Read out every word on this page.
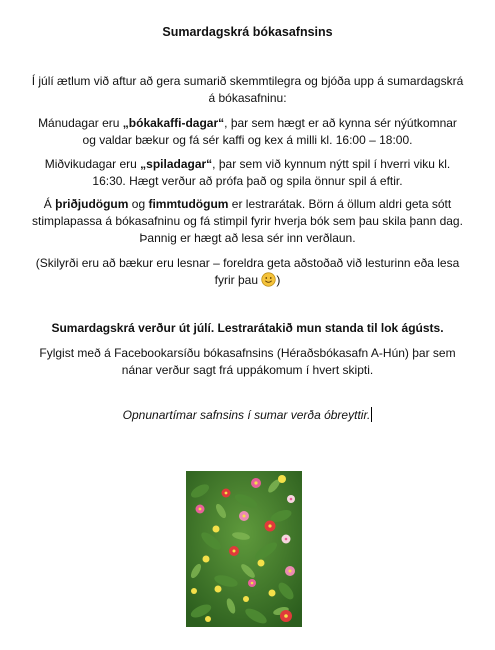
Sumardagskrá bókasafnsins
Í júlí ætlum við aftur að gera sumarið skemmtilegra og bjóða upp á sumardagskrá á bókasafninu:
Mánudagar eru „bókakaffi-dagar“, þar sem hægt er að kynna sér nýútkomnar og valdar bækur og fá sér kaffi og kex á milli kl. 16:00 – 18:00.
Miðvikudagar eru „spiladagar“, þar sem við kynnum nýtt spil í hverri viku kl. 16:30. Hægt verður að prófa það og spila önnur spil á eftir.
Á þriðjudögum og fimmtudögum er lestrarátak. Börn á öllum aldri geta sótt stimplapassa á bókasafninu og fá stimpil fyrir hverja bók sem þau skila þann dag. Þannig er hægt að lesa sér inn verðlaun.
(Skilyrði eru að bækur eru lesnar – foreldra geta aðstoðað við lesturinn eða lesa fyrir þau )
Sumardagskrá verður út júlí. Lestrarátakið mun standa til lok ágústs.
Fylgist með á Facebookarsíðu bókasafnsins (Héraðsbókasafn A-Hún) þar sem nánar verður sagt frá uppákomum í hvert skipti.
Opnunartímar safnsins í sumar verða óbreyttir.
